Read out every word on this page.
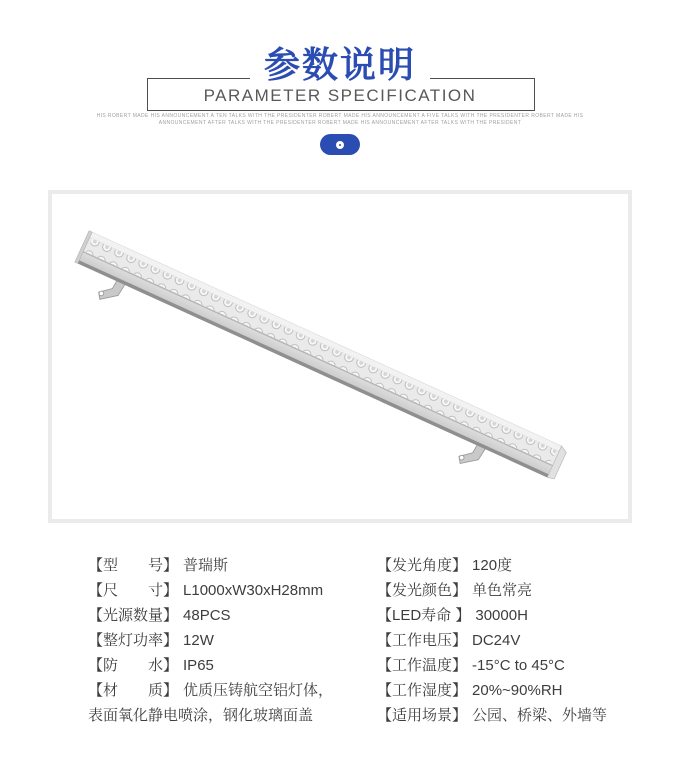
参数说明
PARAMETER SPECIFICATION
HIS ROBERT MADE HIS ANNOUNCEMENT A TEN TALKS WITH THE PRESIDENTER ROBERT MADE HIS ANNOUNCEMENT A FIVE TALKS WITH THE PRESIDENTER ROBERT MADE HIS
ANNOUNCEMENT AFTER TALKS WITH THE PRESIDENTER ROBERT MADE HIS ANNOUNCEMENT AFTER TALKS WITH THE PRESIDENT
【型　　号】 普瑞斯
【尺　　寸】 L1000xW30xH28mm
【光源数量】 48PCS
【整灯功率】 12W
【防　　水】 IP65
【材　　质】 优质压铸航空铝灯体，
表面氧化静电喷涂，钢化玻璃面盖
【发光角度】 120度
【发光颜色】 单色常亮
【LED寿命 】 30000H
【工作电压】 DC24V
【工作温度】 -15°C to 45°C
【工作湿度】 20%~90%RH
【适用场景】 公园、桥梁、外墙等
